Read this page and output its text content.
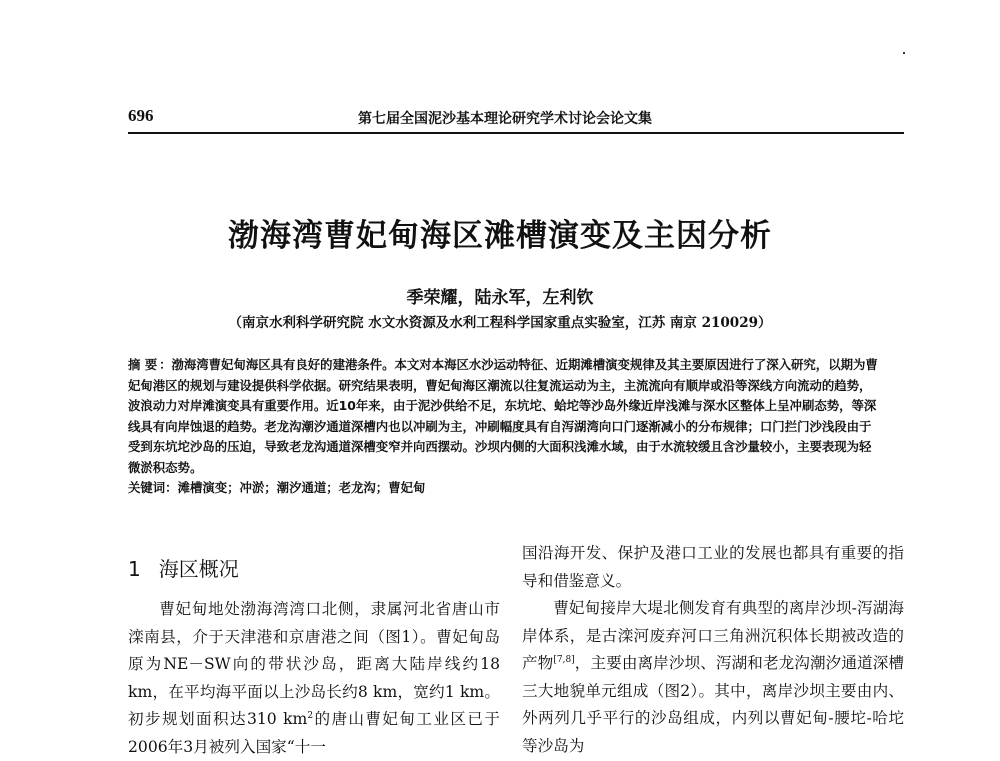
696	第七届全国泥沙基本理论研究学术讨论会论文集
渤海湾曹妃甸海区滩槽演变及主因分析
季荣耀，陆永军，左利钦
（南京水利科学研究院 水文水资源及水利工程科学国家重点实验室，江苏 南京 210029）
摘 要 ：渤海湾曹妃甸海区具有良好的建港条件。本文对本海区水沙运动特征、近期滩槽演变规律及其主要原因进行了深入研究，以期为曹妃甸港区的规划与建设提供科学依据。研究结果表明，曹妃甸海区潮流以往复流运动为主，主流流向有顺岸或沿等深线方向流动的趋势，波浪动力对岸滩演变具有重要作用。近10年来，由于泥沙供给不足，东坑坨、蛤坨等沙岛外缘近岸浅滩与深水区整体上呈冲刷态势，等深线具有向岸蚀退的趋势。老龙沟潮汐通道深槽内也以冲刷为主，冲刷幅度具有自泻湖湾向口门逐渐减小的分布规律；口门拦门沙浅段由于受到东坑坨沙岛的压迫，导致老龙沟通道深槽变窄并向西摆动。沙坝内侧的大面积浅滩水域，由于水流较缓且含沙量较小，主要表现为轻微淤积态势。
关键词：滩槽演变；冲淤；潮汐通道；老龙沟；曹妃甸
1 海区概况

曹妃甸地处渤海湾湾口北侧，隶属河北省唐山市滦南县，介于天津港和京唐港之间（图1）。曹妃甸岛原为NE－SW向的带状沙岛，距离大陆岸线约18 km，在平均海平面以上沙岛长约8 km，宽约1 km。初步规划面积达310 $km^2$的唐山曹妃甸工业区已于2006年3月被列入国家“十一

国沿海开发、保护及港口工业的发展也都具有重要的指导和借鉴意义。

曹妃甸接岸大堤北侧发育有典型的离岸沙坝-泻湖海岸体系，是古滦河废弃河口三角洲沉积体长期被改造的产物[7,8]，主要由离岸沙坝、泻湖和老龙沟潮汐通道深槽三大地貌单元组成（图2）。其中，离岸沙坝主要由内、外两列几乎平行的沙岛组成，内列以曹妃甸-腰坨-哈坨等沙岛为
